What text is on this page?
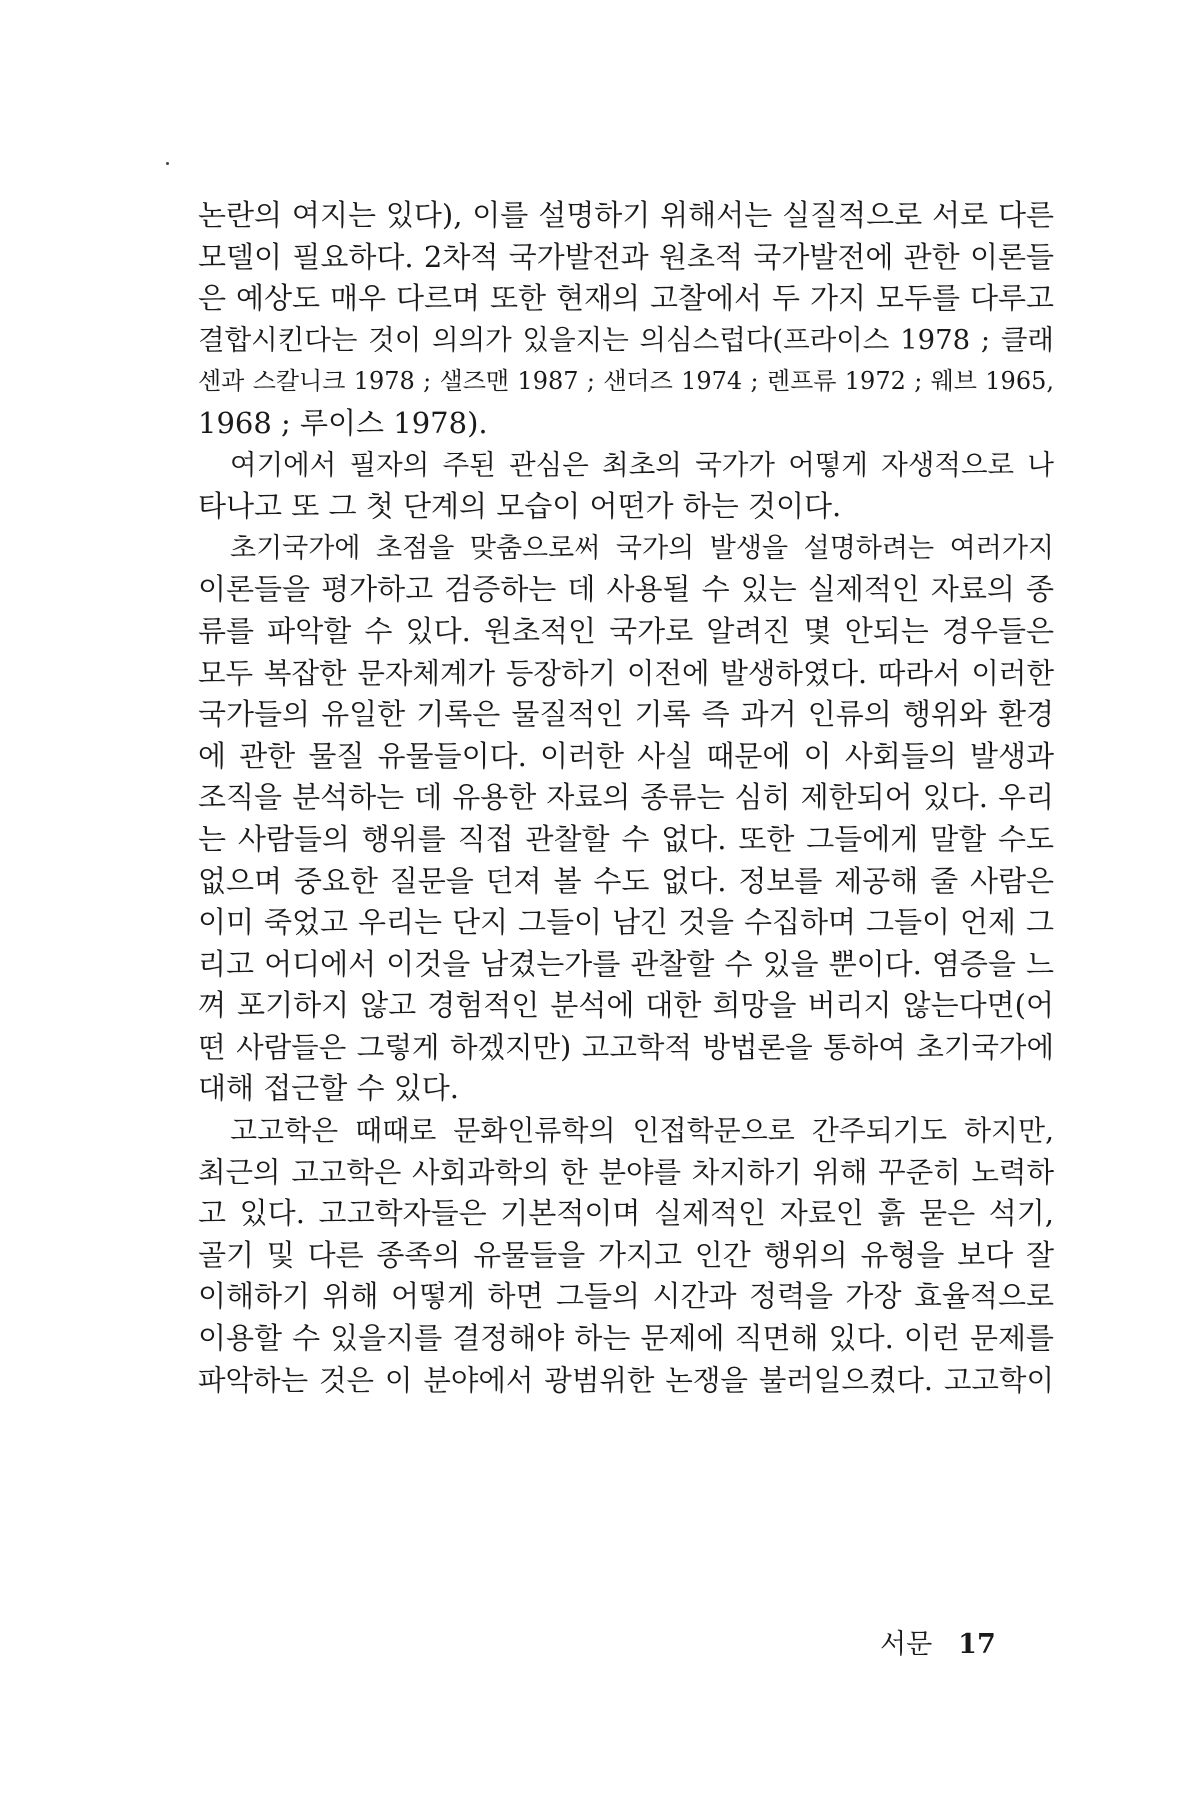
논란의 여지는 있다), 이를 설명하기 위해서는 실질적으로 서로 다른
모델이 필요하다. 2차적 국가발전과 원초적 국가발전에 관한 이론들
은 예상도 매우 다르며 또한 현재의 고찰에서 두 가지 모두를 다루고
결합시킨다는 것이 의의가 있을지는 의심스럽다(프라이스 1978 ; 클래
센과 스칼니크 1978 ; 샐즈맨 1987 ; 샌더즈 1974 ; 렌프류 1972 ; 웨브 1965,
1968 ; 루이스 1978).
여기에서 필자의 주된 관심은 최초의 국가가 어떻게 자생적으로 나
타나고 또 그 첫 단계의 모습이 어떤가 하는 것이다.
초기국가에 초점을 맞춤으로써 국가의 발생을 설명하려는 여러가지
이론들을 평가하고 검증하는 데 사용될 수 있는 실제적인 자료의 종
류를 파악할 수 있다. 원초적인 국가로 알려진 몇 안되는 경우들은
모두 복잡한 문자체계가 등장하기 이전에 발생하였다. 따라서 이러한
국가들의 유일한 기록은 물질적인 기록 즉 과거 인류의 행위와 환경
에 관한 물질 유물들이다. 이러한 사실 때문에 이 사회들의 발생과
조직을 분석하는 데 유용한 자료의 종류는 심히 제한되어 있다. 우리
는 사람들의 행위를 직접 관찰할 수 없다. 또한 그들에게 말할 수도
없으며 중요한 질문을 던져 볼 수도 없다. 정보를 제공해 줄 사람은
이미 죽었고 우리는 단지 그들이 남긴 것을 수집하며 그들이 언제 그
리고 어디에서 이것을 남겼는가를 관찰할 수 있을 뿐이다. 염증을 느
껴 포기하지 않고 경험적인 분석에 대한 희망을 버리지 않는다면(어
떤 사람들은 그렇게 하겠지만) 고고학적 방법론을 통하여 초기국가에
대해 접근할 수 있다.
고고학은 때때로 문화인류학의 인접학문으로 간주되기도 하지만,
최근의 고고학은 사회과학의 한 분야를 차지하기 위해 꾸준히 노력하
고 있다. 고고학자들은 기본적이며 실제적인 자료인 흙 묻은 석기,
골기 및 다른 종족의 유물들을 가지고 인간 행위의 유형을 보다 잘
이해하기 위해 어떻게 하면 그들의 시간과 정력을 가장 효율적으로
이용할 수 있을지를 결정해야 하는 문제에 직면해 있다. 이런 문제를
파악하는 것은 이 분야에서 광범위한 논쟁을 불러일으켰다. 고고학이
서문 17
